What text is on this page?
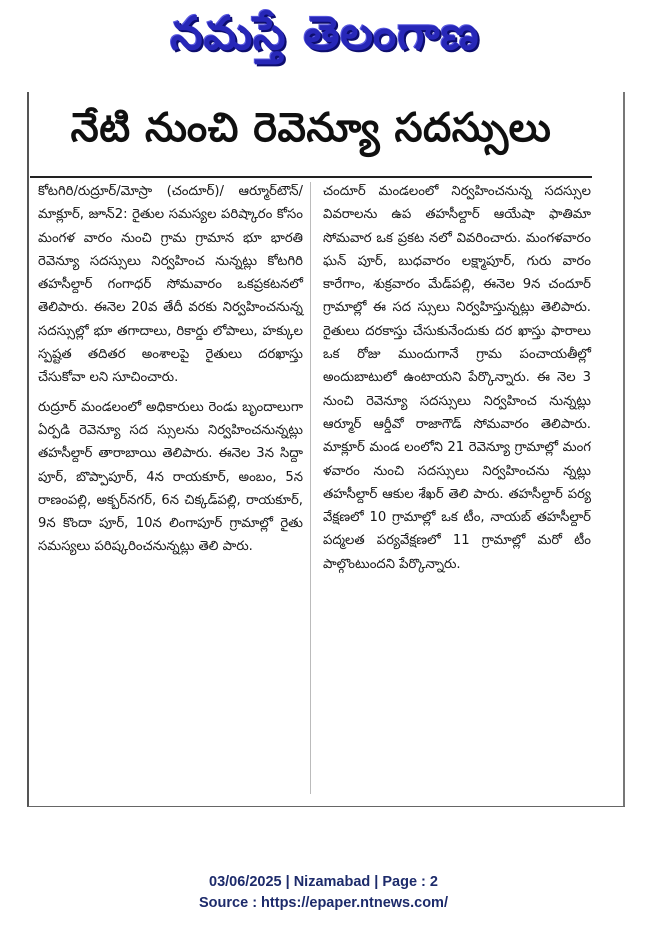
నమస్తే తెలంగాణ
నేటి నుంచి రెవెన్యూ సదస్సులు

కోటగిరి/రుద్రూర్/మోస్రా (చందూర్)/ ఆర్మూర్‌టౌన్/ మాక్లూర్, జూన్2: రైతుల సమస్యల పరిష్కారం కోసం మంగళ వారం నుంచి గ్రామ గ్రామాన భూ భారతి రెవెన్యూ సదస్సులు నిర్వహించ నున్నట్లు కోటగిరి తహసీల్దార్ గంగాధర్ సోమవారం ఒకప్రకటనలో తెలిపారు. ఈనెల 20వ తేదీ వరకు నిర్వహించనున్న సదస్సుల్లో భూ తగాదాలు, రికార్డు లోపాలు, హక్కుల స్పష్టత తదితర అంశాలపై రైతులు దరఖాస్తు చేసుకోవా లని సూచించారు.

రుద్రూర్ మండలంలో అధికారులు రెండు బృందాలుగా ఏర్పడి రెవెన్యూ సద స్సులను నిర్వహించనున్నట్లు తహసీల్దార్ తారాబాయి తెలిపారు. ఈనెల 3న సిద్దా పూర్, బొప్పాపూర్, 4న రాయకూర్, అంబం, 5న రాణంపల్లి, అక్బర్‌నగర్, 6న చిక్కడ్‌పల్లి, రాయకూర్, 9న కొందా పూర్, 10న లింగాపూర్ గ్రామాల్లో రైతు సమస్యలు పరిష్కరించనున్నట్లు తెలి పారు.

చందూర్ మండలంలో నిర్వహించనున్న సదస్సుల వివరాలను ఉప తహసీల్దార్ ఆయేషా ఫాతిమా సోమవార ఒక ప్రకట నలో వివరించారు. మంగళవారం ఘన్ పూర్, బుధవారం లక్ష్మాపూర్, గురు వారం కారేగాం, శుక్రవారం మేడ్‌పల్లి, ఈనెల 9న చందూర్ గ్రామాల్లో ఈ సద స్సులు నిర్వహిస్తున్నట్లు తెలిపారు. రైతులు దరకాస్తు చేసుకునేందుకు దర ఖాస్తు ఫారాలు ఒక రోజు ముందుగానే గ్రామ పంచాయతీల్లో అందుబాటులో ఉంటాయని పేర్కొన్నారు. ఈ నెల 3 నుంచి రెవెన్యూ సదస్సులు నిర్వహించ నున్నట్లు ఆర్మూర్ ఆర్డీవో రాజాగౌడ్ సోమవారం తెలిపారు. మాక్లూర్ మండ లంలోని 21 రెవెన్యూ గ్రామాల్లో మంగ ళవారం నుంచి సదస్సులు నిర్వహించను న్నట్లు తహసీల్దార్ ఆకుల శేఖర్ తెలి పారు. తహసీల్దార్ పర్య వేక్షణలో 10 గ్రామాల్లో ఒక టీం, నాయబ్ తహసీల్దార్ పద్మలత పర్యవేక్షణలో 11 గ్రామాల్లో మరో టీం పాల్గొంటుందని పేర్కొన్నారు.

03/06/2025 | Nizamabad | Page : 2
Source : https://epaper.ntnews.com/
